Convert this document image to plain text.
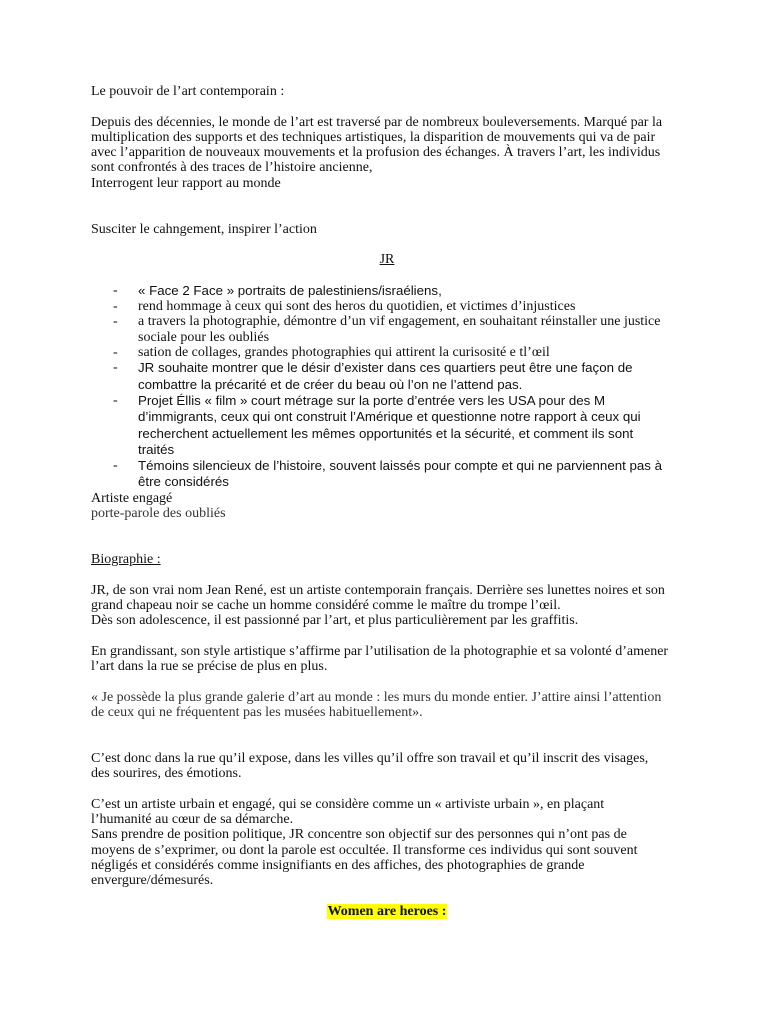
Le pouvoir de l’art contemporain :

Depuis des décennies, le monde de l’art est traversé par de nombreux bouleversements. Marqué par la

multiplication des supports et des techniques artistiques, la disparition de mouvements qui va de pair

avec l’apparition de nouveaux mouvements et la profusion des échanges. À travers l’art, les individus

sont confrontés à des traces de l’histoire ancienne,

Interrogent leur rapport au monde

Susciter le cahngement, inspirer l’action

JR

- « Face 2 Face » portraits de palestiniens/israéliens,
- rend hommage à ceux qui sont des heros du quotidien, et victimes d’injustices
- a travers la photographie, démontre d’un vif engagement, en souhaitant réinstaller une justice
sociale pour les oubliés
- sation de collages, grandes photographies qui attirent la curisosité e tl’œil
- JR souhaite montrer que le désir d’exister dans ces quartiers peut être une façon de
combattre la précarité et de créer du beau où l’on ne l’attend pas.
- Projet Éllis « film » court métrage sur la porte d’entrée vers les USA pour des M
d’immigrants, ceux qui ont construit l’Amérique et questionne notre rapport à ceux qui
recherchent actuellement les mêmes opportunités et la sécurité, et comment ils sont
traités
- Témoins silencieux de l’histoire, souvent laissés pour compte et qui ne parviennent pas à
être considérés

Artiste engagé

porte-parole des oubliés

Biographie :

JR, de son vrai nom Jean René, est un artiste contemporain français. Derrière ses lunettes noires et son

grand chapeau noir se cache un homme considéré comme le maître du trompe l’œil.

Dès son adolescence, il est passionné par l’art, et plus particulièrement par les graffitis.

En grandissant, son style artistique s’affirme par l’utilisation de la photographie et sa volonté d’amener

l’art dans la rue se précise de plus en plus.

« Je possède la plus grande galerie d’art au monde : les murs du monde entier. J’attire ainsi l’attention

de ceux qui ne fréquentent pas les musées habituellement».

C’est donc dans la rue qu’il expose, dans les villes qu’il offre son travail et qu’il inscrit des visages,

des sourires, des émotions.

C’est un artiste urbain et engagé, qui se considère comme un « artiviste urbain », en plaçant

l’humanité au cœur de sa démarche.

Sans prendre de position politique, JR concentre son objectif sur des personnes qui n’ont pas de

moyens de s’exprimer, ou dont la parole est occultée. Il transforme ces individus qui sont souvent

négligés et considérés comme insignifiants en des affiches, des photographies de grande

envergure/démesurés.

Women are heroes :
